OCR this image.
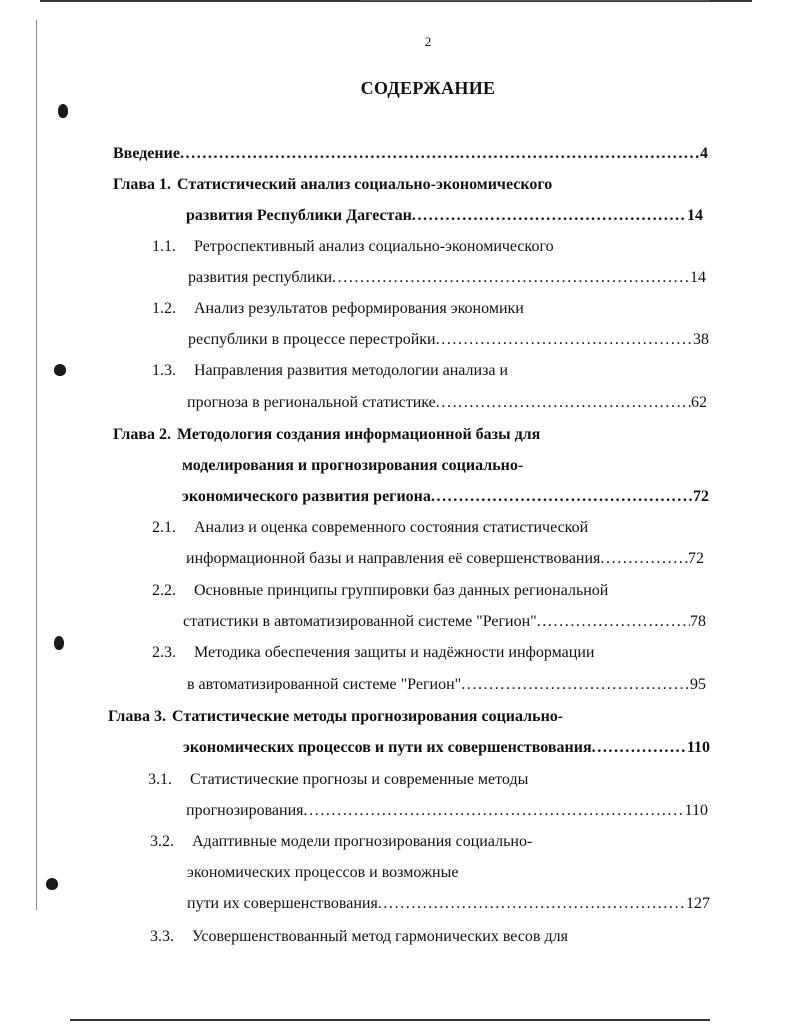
2
СОДЕРЖАНИЕ
Введение .....	4
Глава 1. Статистический анализ социально-экономического
развития Республики Дагестан .....	14
1.1.	Ретроспективный анализ социально-экономического
развития республики .....	14
1.2.	Анализ результатов реформирования экономики
республики в процессе перестройки .....	38
1.3.	Направления развития методологии анализа и
прогноза в региональной статистике .....	62
Глава 2. Методология создания информационной базы для
моделирования и прогнозирования социально-
экономического развития региона .....	72
2.1.	Анализ и оценка современного состояния статистической
информационной базы и направления её совершенствования .....	72
2.2.	Основные принципы группировки баз данных региональной
статистики в автоматизированной системе "Регион" .....	78
2.3.	Методика обеспечения защиты и надёжности информации
в автоматизированной системе "Регион" .....	95
Глава 3. Статистические методы прогнозирования социально-
экономических процессов и пути их совершенствования .....	110
3.1.	Статистические прогнозы и современные методы
прогнозирования .....	110
3.2.	Адаптивные модели прогнозирования социально-
экономических процессов и возможные
пути их совершенствования .....	127
3.3.	Усовершенствованный метод гармонических весов для
